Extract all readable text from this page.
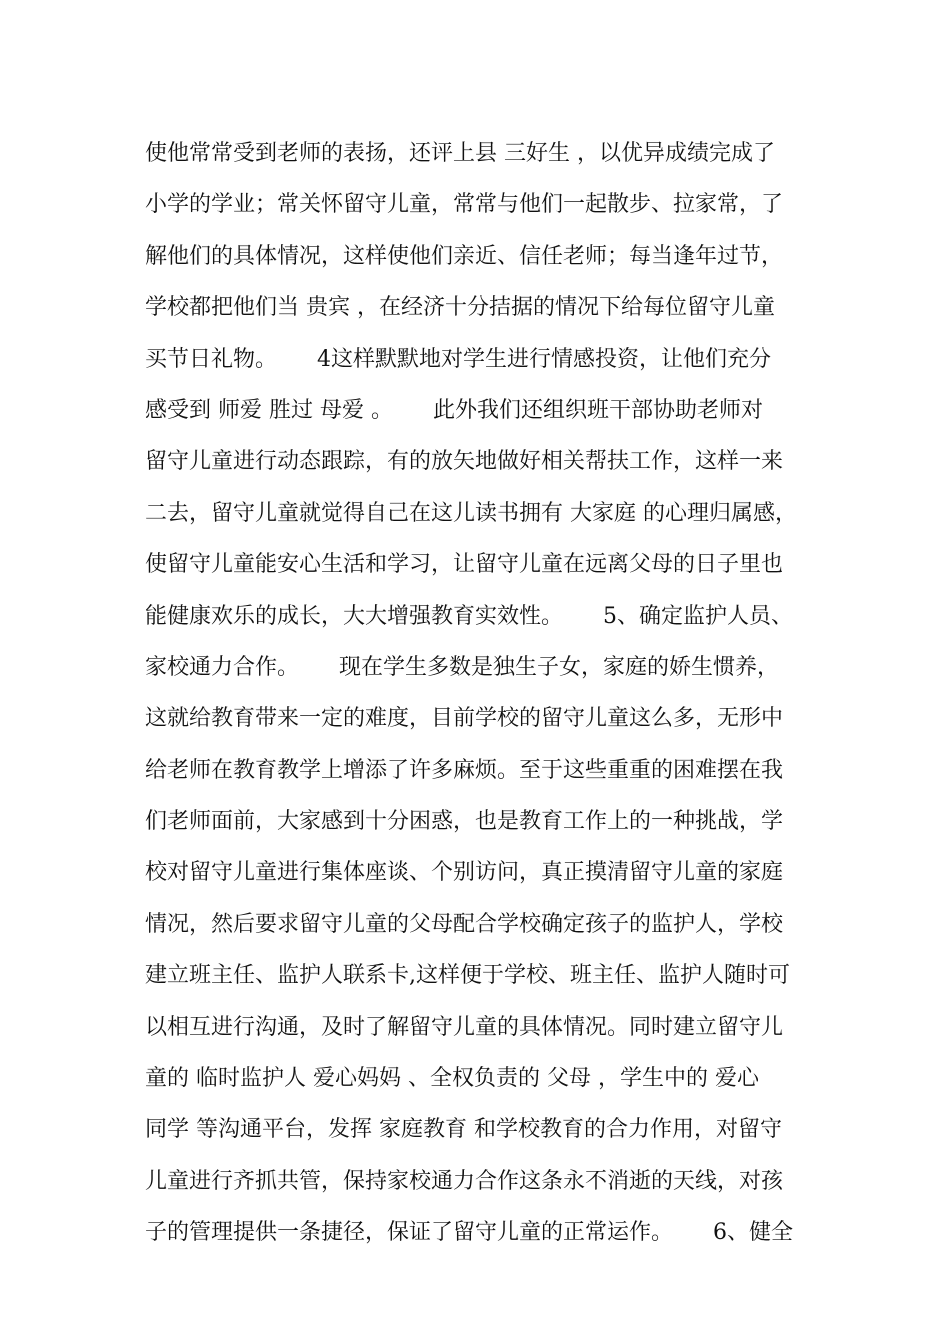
使他常常受到老师的表扬，还评上县 三好生 ，以优异成绩完成了
小学的学业；常关怀留守儿童，常常与他们一起散步、拉家常，了
解他们的具体情况，这样使他们亲近、信任老师；每当逢年过节，
学校都把他们当 贵宾 ，在经济十分拮据的情况下给每位留守儿童
买节日礼物。　　 4这样默默地对学生进行情感投资，让他们充分
感受到 师爱 胜过 母爱 。　　 此外我们还组织班干部协助老师对
留守儿童进行动态跟踪，有的放矢地做好相关帮扶工作，这样一来
二去，留守儿童就觉得自己在这儿读书拥有 大家庭 的心理归属感，
使留守儿童能安心生活和学习，让留守儿童在远离父母的日子里也
能健康欢乐的成长，大大增强教育实效性。　　 5、确定监护人员、
家校通力合作。　　 现在学生多数是独生子女，家庭的娇生惯养，
这就给教育带来一定的难度，目前学校的留守儿童这么多，无形中
给老师在教育教学上增添了许多麻烦。至于这些重重的困难摆在我
们老师面前，大家感到十分困惑，也是教育工作上的一种挑战，学
校对留守儿童进行集体座谈、个别访问，真正摸清留守儿童的家庭
情况，然后要求留守儿童的父母配合学校确定孩子的监护人，学校
建立班主任、监护人联系卡,这样便于学校、班主任、监护人随时可
以相互进行沟通，及时了解留守儿童的具体情况。同时建立留守儿
童的 临时监护人 爱心妈妈 、全权负责的 父母 ，学生中的 爱心
同学 等沟通平台，发挥 家庭教育 和学校教育的合力作用，对留守
儿童进行齐抓共管，保持家校通力合作这条永不消逝的天线，对孩
子的管理提供一条捷径，保证了留守儿童的正常运作。　　 6、健全
